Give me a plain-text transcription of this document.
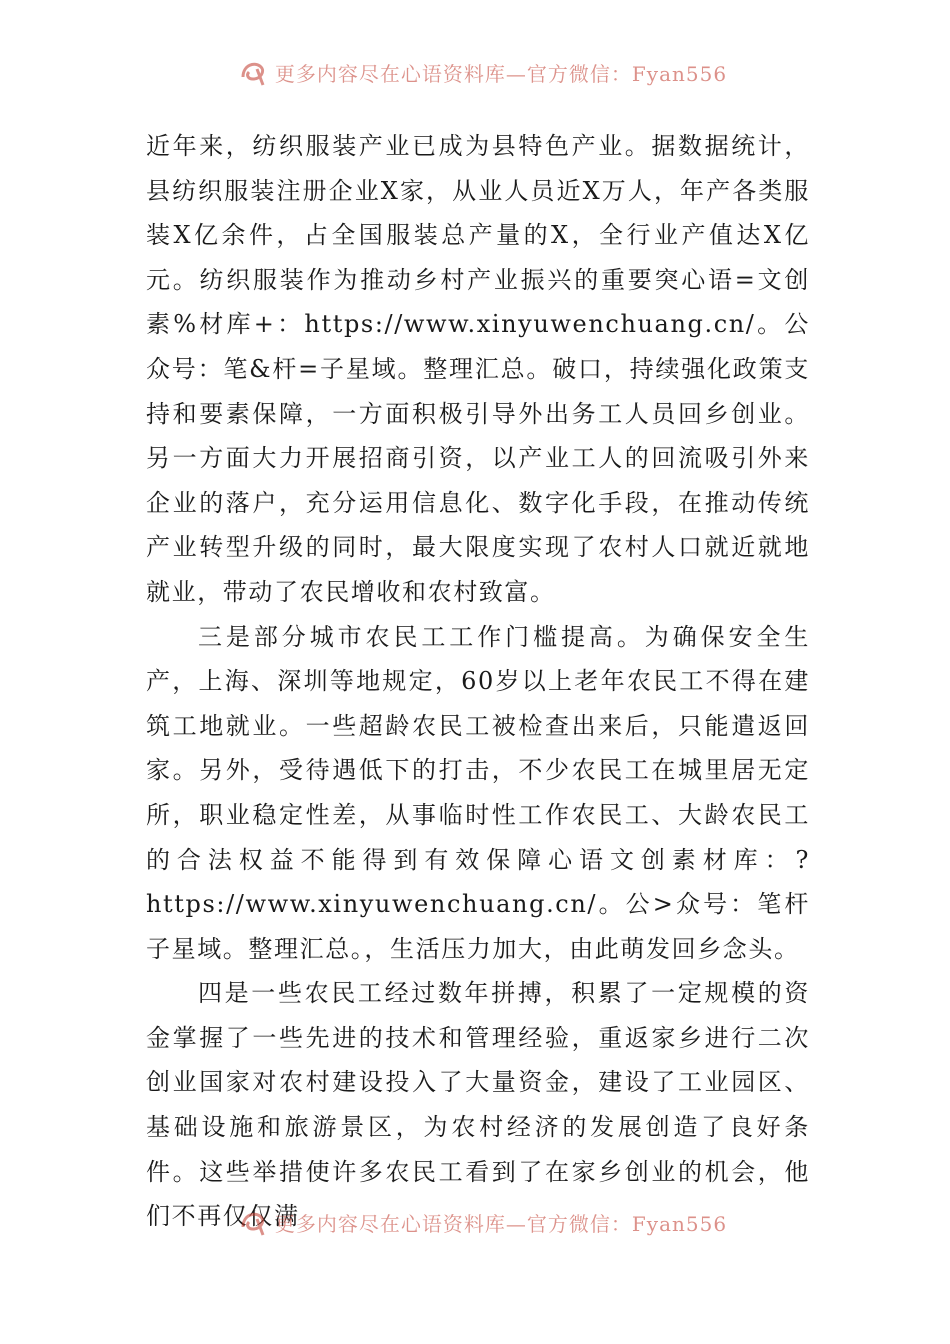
更多内容尽在心语资料库—官方微信：Fyan556

近年来，纺织服装产业已成为县特色产业。据数据统计，县纺织服装注册企业X家，从业人员近X万人，年产各类服装X亿余件，占全国服装总产量的X，全行业产值达X亿元。纺织服装作为推动乡村产业振兴的重要突心语=文创素%材库+：https://www.xinyuwenchuang.cn/。公众号：笔&杆=子星域。整理汇总。破口，持续强化政策支持和要素保障，一方面积极引导外出务工人员回乡创业。另一方面大力开展招商引资，以产业工人的回流吸引外来企业的落户，充分运用信息化、数字化手段，在推动传统产业转型升级的同时，最大限度实现了农村人口就近就地就业，带动了农民增收和农村致富。

三是部分城市农民工工作门槛提高。为确保安全生产，上海、深圳等地规定，60岁以上老年农民工不得在建筑工地就业。一些超龄农民工被检查出来后，只能遣返回家。另外，受待遇低下的打击，不少农民工在城里居无定所，职业稳定性差，从事临时性工作农民工、大龄农民工的合法权益不能得到有效保障心语文创素材库：?https://www.xinyuwenchuang.cn/。公>众号：笔杆子星域。整理汇总。，生活压力加大，由此萌发回乡念头。

四是一些农民工经过数年拼搏，积累了一定规模的资金掌握了一些先进的技术和管理经验，重返家乡进行二次创业国家对农村建设投入了大量资金，建设了工业园区、基础设施和旅游景区，为农村经济的发展创造了良好条件。这些举措使许多农民工看到了在家乡创业的机会，他们不再仅仅满

更多内容尽在心语资料库—官方微信：Fyan556
